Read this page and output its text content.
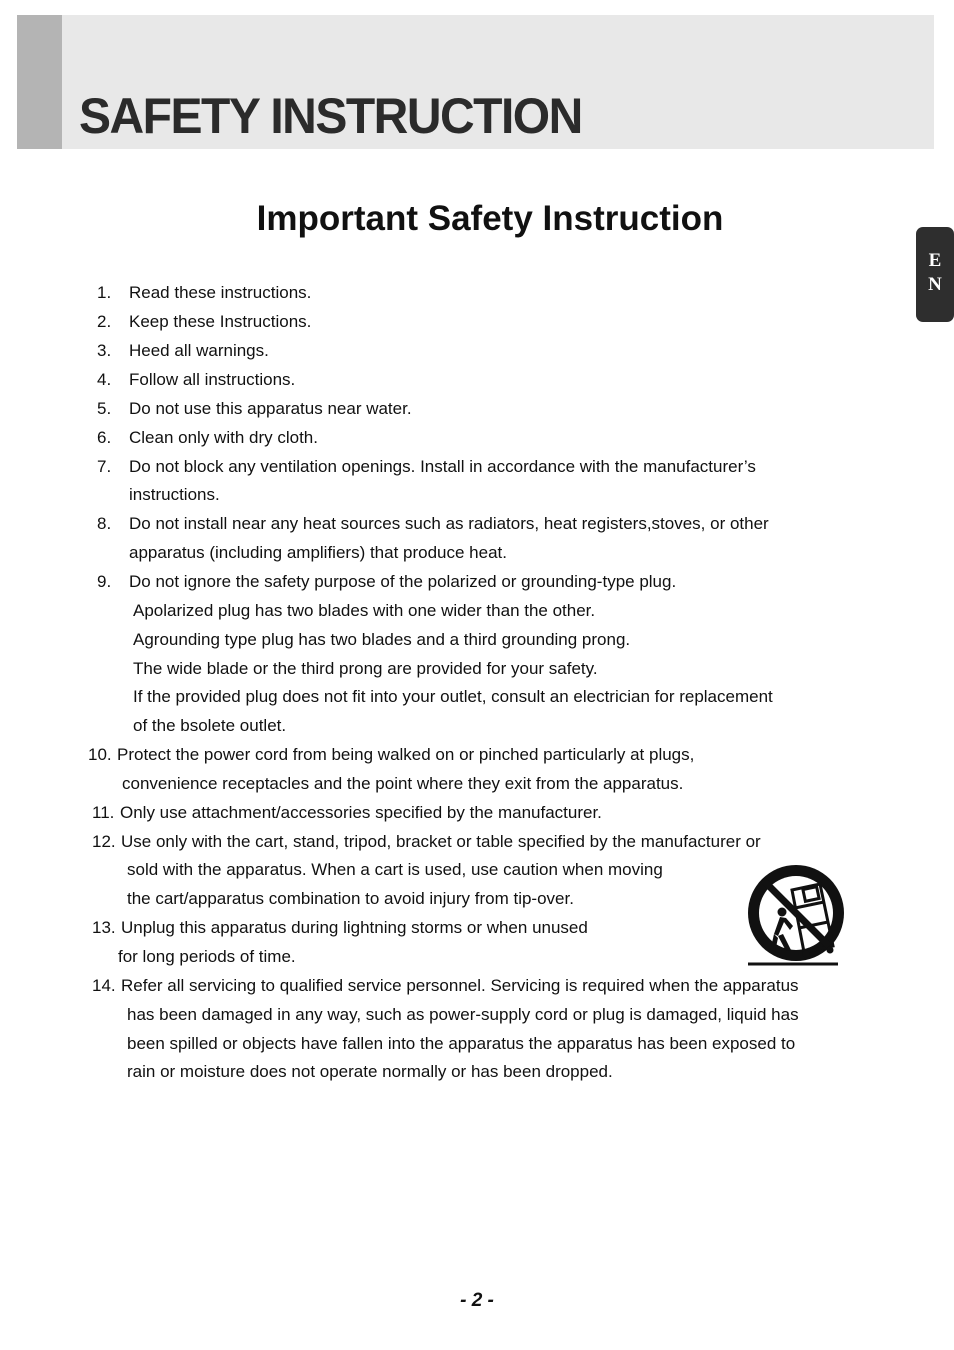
SAFETY INSTRUCTION
E
N
Important Safety Instruction
1. Read these instructions.
2. Keep these Instructions.
3. Heed all warnings.
4. Follow all instructions.
5. Do not use this apparatus near water.
6. Clean only with dry cloth.
7. Do not block any ventilation openings. Install in accordance with the manufacturer’s
instructions.
8. Do not install near any heat sources such as radiators, heat registers,stoves, or other
apparatus (including amplifiers) that produce heat.
9. Do not ignore the safety purpose of the polarized or grounding-type plug.
Apolarized plug has two blades with one wider than the other.
Agrounding type plug has two blades and a third grounding prong.
The wide blade or the third prong are provided for your safety.
If the provided plug does not fit into your outlet, consult an electrician for replacement
of the bsolete outlet.
10. Protect the power cord from being walked on or pinched particularly at plugs,
convenience receptacles and the point where they exit from the apparatus.
11. Only use attachment/accessories specified by the manufacturer.
12. Use only with the cart, stand, tripod, bracket or table specified by the manufacturer or
sold with the apparatus. When a cart is used, use caution when moving
the cart/apparatus combination to avoid injury from tip-over.
13. Unplug this apparatus during lightning storms or when unused
for long periods of time.
14. Refer all servicing to qualified service personnel. Servicing is required when the apparatus
has been damaged in any way, such as power-supply cord or plug is damaged, liquid has
been spilled or objects have fallen into the apparatus the apparatus has been exposed to
rain or moisture does not operate normally or has been dropped.
- 2 -
